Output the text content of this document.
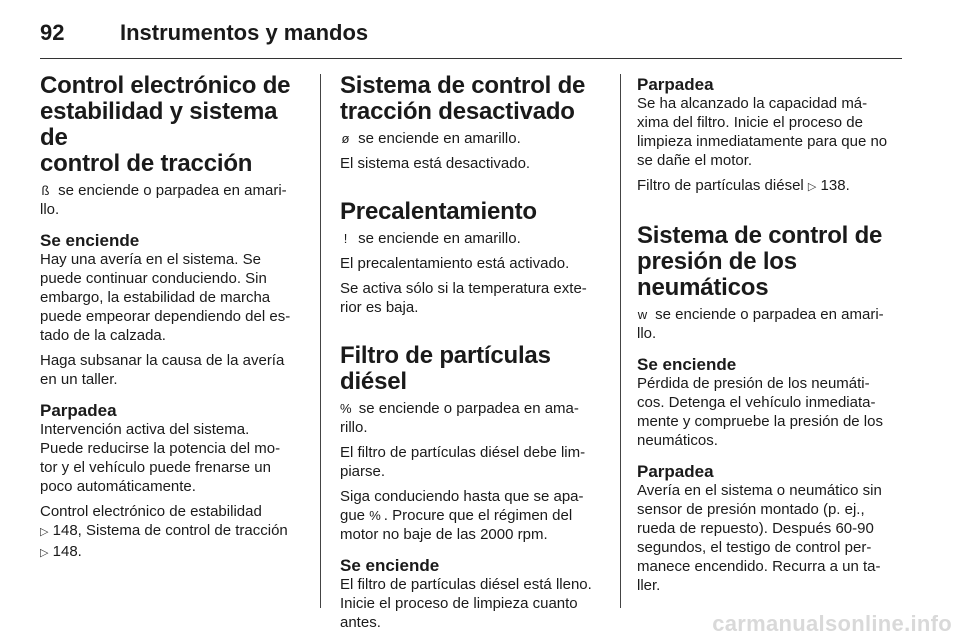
92	Instrumentos y mandos
Control electrónico de
estabilidad y sistema de
control de tracción

ß se enciende o parpadea en amari-
llo.

Se enciende

Hay una avería en el sistema. Se
puede continuar conduciendo. Sin
embargo, la estabilidad de marcha
puede empeorar dependiendo del es-
tado de la calzada.

Haga subsanar la causa de la avería
en un taller.

Parpadea

Intervención activa del sistema.
Puede reducirse la potencia del mo-
tor y el vehículo puede frenarse un
poco automáticamente.

Control electrónico de estabilidad
▷ 148, Sistema de control de tracción
▷ 148.

Sistema de control de
tracción desactivado

ø se enciende en amarillo.

El sistema está desactivado.

Precalentamiento

! se enciende en amarillo.

El precalentamiento está activado.

Se activa sólo si la temperatura exte-
rior es baja.

Filtro de partículas diésel

% se enciende o parpadea en ama-
rillo.

El filtro de partículas diésel debe lim-
piarse.

Siga conduciendo hasta que se apa-
gue % . Procure que el régimen del
motor no baje de las 2000 rpm.

Se enciende

El filtro de partículas diésel está lleno.
Inicie el proceso de limpieza cuanto
antes.

Parpadea

Se ha alcanzado la capacidad má-
xima del filtro. Inicie el proceso de
limpieza inmediatamente para que no
se dañe el motor.

Filtro de partículas diésel ▷ 138.

Sistema de control de
presión de los neumáticos

w se enciende o parpadea en amari-
llo.

Se enciende

Pérdida de presión de los neumáti-
cos. Detenga el vehículo inmediata-
mente y compruebe la presión de los
neumáticos.

Parpadea

Avería en el sistema o neumático sin
sensor de presión montado (p. ej.,
rueda de repuesto). Después 60-90
segundos, el testigo de control per-
manece encendido. Recurra a un ta-
ller.

carmanualsonline.info
